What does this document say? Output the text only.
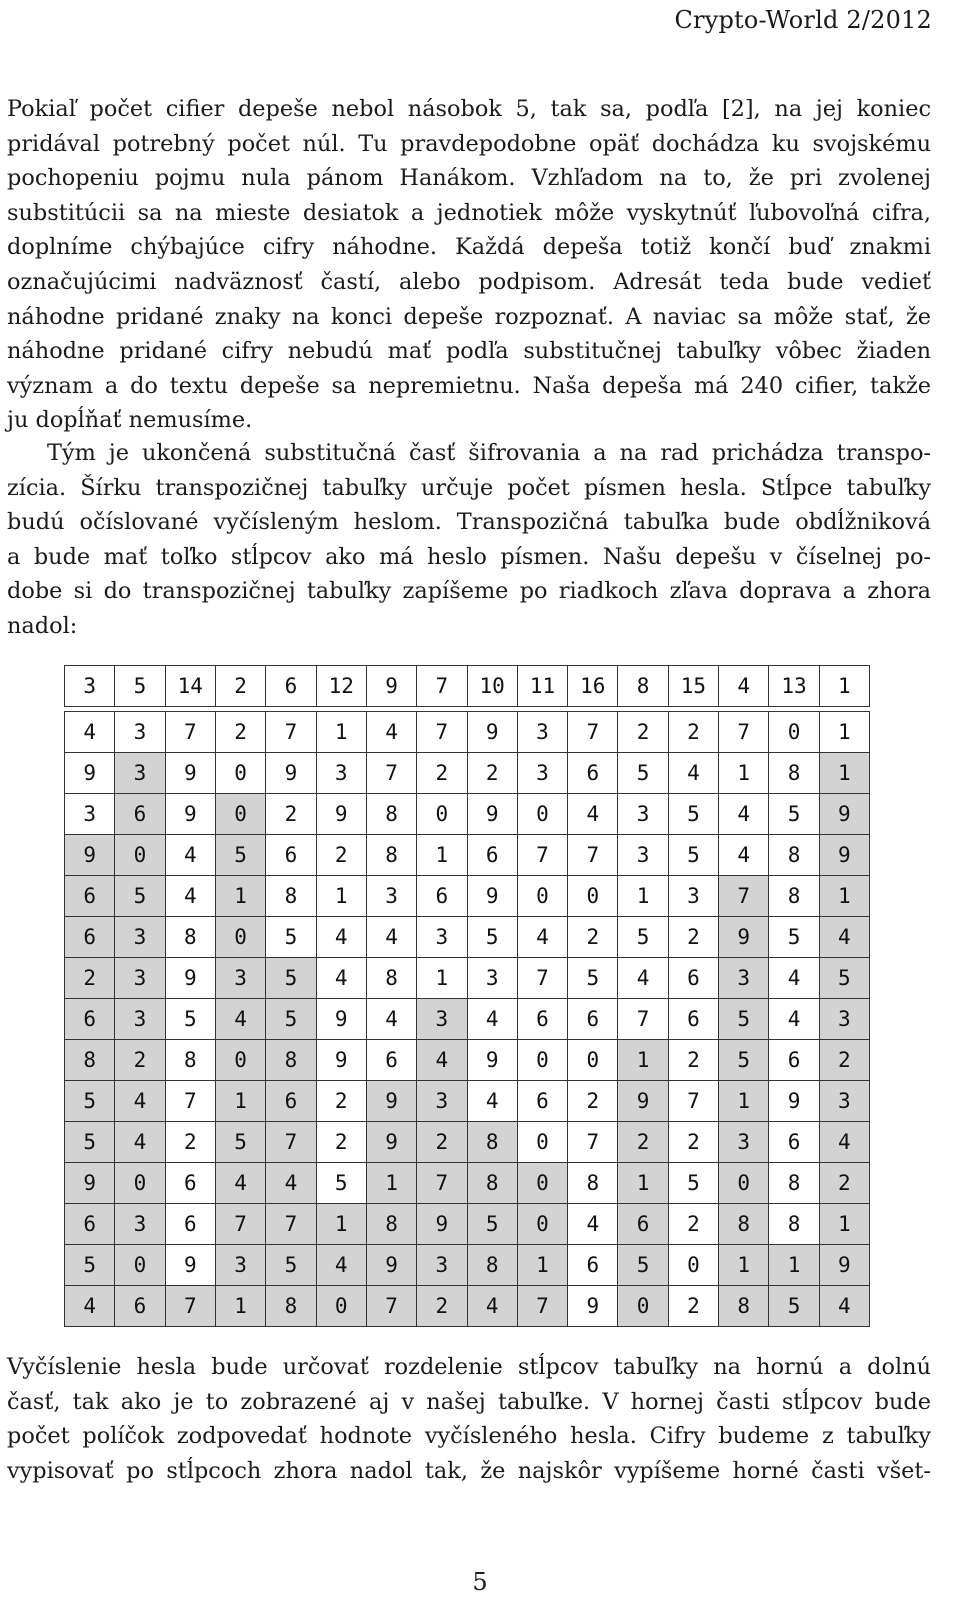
Crypto-World 2/2012
Pokiaľ počet cifier depeše nebol násobok 5, tak sa, podľa [2], na jej koniec
pridával potrebný počet núl. Tu pravdepodobne opäť dochádza ku svojskému
pochopeniu pojmu nula pánom Hanákom. Vzhľadom na to, že pri zvolenej
substitúcii sa na mieste desiatok a jednotiek môže vyskytnúť ľubovoľná cifra,
doplníme chýbajúce cifry náhodne. Každá depeša totiž končí buď znakmi
označujúcimi nadväznosť častí, alebo podpisom. Adresát teda bude vedieť
náhodne pridané znaky na konci depeše rozpoznať. A naviac sa môže stať, že
náhodne pridané cifry nebudú mať podľa substitučnej tabuľky vôbec žiaden
význam a do textu depeše sa nepremietnu. Naša depeša má 240 cifier, takže
ju dopĺňať nemusíme.
Tým je ukončená substitučná časť šifrovania a na rad prichádza transpo-
zícia. Šírku transpozičnej tabuľky určuje počet písmen hesla. Stĺpce tabuľky
budú očíslované vyčísleným heslom. Transpozičná tabuľka bude obdĺžniková
a bude mať toľko stĺpcov ako má heslo písmen. Našu depešu v číselnej po-
dobe si do transpozičnej tabuľky zapíšeme po riadkoch zľava doprava a zhora
nadol:
3	5	14	2	6	12	9	7	10	11	16	8	15	4	13	1
4	3	7	2	7	1	4	7	9	3	7	2	2	7	0	1
9	3	9	0	9	3	7	2	2	3	6	5	4	1	8	1
3	6	9	0	2	9	8	0	9	0	4	3	5	4	5	9
9	0	4	5	6	2	8	1	6	7	7	3	5	4	8	9
6	5	4	1	8	1	3	6	9	0	0	1	3	7	8	1
6	3	8	0	5	4	4	3	5	4	2	5	2	9	5	4
2	3	9	3	5	4	8	1	3	7	5	4	6	3	4	5
6	3	5	4	5	9	4	3	4	6	6	7	6	5	4	3
8	2	8	0	8	9	6	4	9	0	0	1	2	5	6	2
5	4	7	1	6	2	9	3	4	6	2	9	7	1	9	3
5	4	2	5	7	2	9	2	8	0	7	2	2	3	6	4
9	0	6	4	4	5	1	7	8	0	8	1	5	0	8	2
6	3	6	7	7	1	8	9	5	0	4	6	2	8	8	1
5	0	9	3	5	4	9	3	8	1	6	5	0	1	1	9
4	6	7	1	8	0	7	2	4	7	9	0	2	8	5	4
Vyčíslenie hesla bude určovať rozdelenie stĺpcov tabuľky na hornú a dolnú
časť, tak ako je to zobrazené aj v našej tabuľke. V hornej časti stĺpcov bude
počet políčok zodpovedať hodnote vyčísleného hesla. Cifry budeme z tabuľky
vypisovať po stĺpcoch zhora nadol tak, že najskôr vypíšeme horné časti všet-
5
